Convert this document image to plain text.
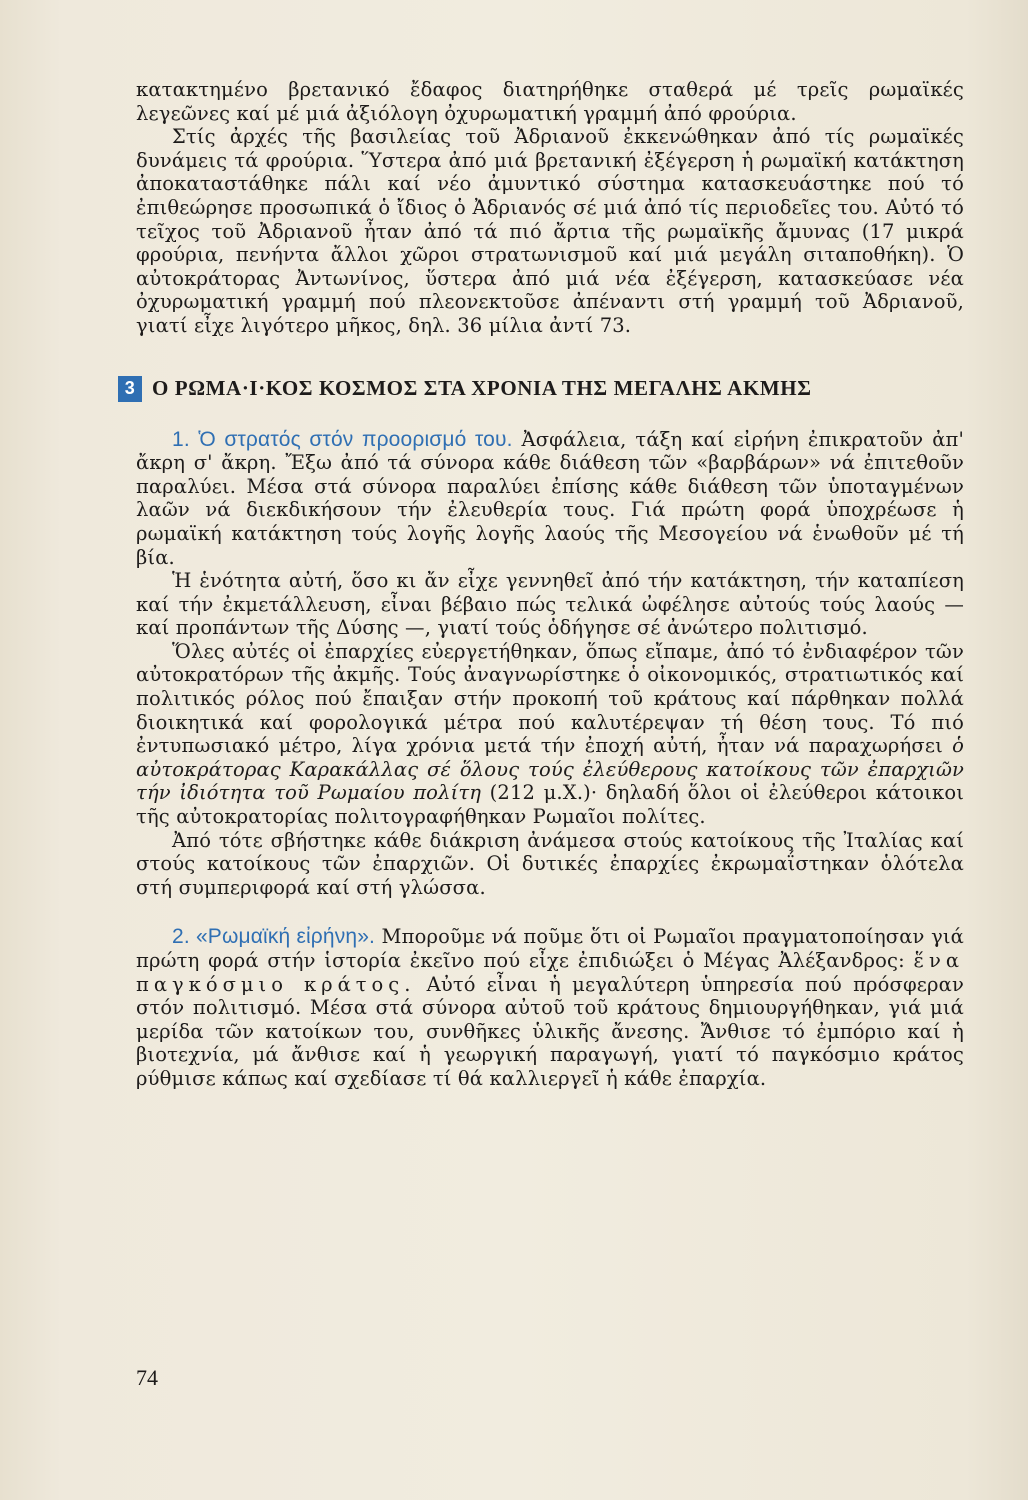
κατακτημένο βρετανικό ἔδαφος διατηρήθηκε σταθερά μέ τρεῖς ρωμαϊκές λεγεῶνες καί μέ μιά ἀξιόλογη ὀχυρωματική γραμμή ἀπό φρούρια.

Στίς ἀρχές τῆς βασιλείας τοῦ Ἀδριανοῦ ἐκκενώθηκαν ἀπό τίς ρωμαϊκές δυνάμεις τά φρούρια. Ὕστερα ἀπό μιά βρετανική ἐξέγερση ἡ ρωμαϊκή κατάκτηση ἀποκαταστάθηκε πάλι καί νέο ἀμυντικό σύστημα κατασκευάστηκε πού τό ἐπιθεώρησε προσωπικά ὁ ἴδιος ὁ Ἀδριανός σέ μιά ἀπό τίς περιοδεῖες του. Αὐτό τό τεῖχος τοῦ Ἀδριανοῦ ἦταν ἀπό τά πιό ἄρτια τῆς ρωμαϊκῆς ἄμυνας (17 μικρά φρούρια, πενήντα ἄλλοι χῶροι στρατωνισμοῦ καί μιά μεγάλη σιταποθήκη). Ὁ αὐτοκράτορας Ἀντωνίνος, ὕστερα ἀπό μιά νέα ἐξέγερση, κατασκεύασε νέα ὀχυρωματική γραμμή πού πλεονεκτοῦσε ἀπέναντι στή γραμμή τοῦ Ἀδριανοῦ, γιατί εἶχε λιγότερο μῆκος, δηλ. 36 μίλια ἀντί 73.

3 Ο ΡΩΜΑ·Ι·ΚΟΣ ΚΟΣΜΟΣ ΣΤΑ ΧΡΟΝΙΑ ΤΗΣ ΜΕΓΑΛΗΣ ΑΚΜΗΣ

1. Ὁ στρατός στόν προορισμό του. Ἀσφάλεια, τάξη καί εἰρήνη ἐπικρατοῦν ἀπ' ἄκρη σ' ἄκρη. Ἔξω ἀπό τά σύνορα κάθε διάθεση τῶν «βαρβάρων» νά ἐπιτεθοῦν παραλύει. Μέσα στά σύνορα παραλύει ἐπίσης κάθε διάθεση τῶν ὑποταγμένων λαῶν νά διεκδικήσουν τήν ἐλευθερία τους. Γιά πρώτη φορά ὑποχρέωσε ἡ ρωμαϊκή κατάκτηση τούς λογῆς λογῆς λαούς τῆς Μεσογείου νά ἑνωθοῦν μέ τή βία.

Ἡ ἑνότητα αὐτή, ὅσο κι ἄν εἶχε γεννηθεῖ ἀπό τήν κατάκτηση, τήν καταπίεση καί τήν ἐκμετάλλευση, εἶναι βέβαιο πώς τελικά ὠφέλησε αὐτούς τούς λαούς — καί προπάντων τῆς Δύσης —, γιατί τούς ὁδήγησε σέ ἀνώτερο πολιτισμό.

Ὅλες αὐτές οἱ ἐπαρχίες εὐεργετήθηκαν, ὅπως εἴπαμε, ἀπό τό ἐνδιαφέρον τῶν αὐτοκρατόρων τῆς ἀκμῆς. Τούς ἀναγνωρίστηκε ὁ οἰκονομικός, στρατιωτικός καί πολιτικός ρόλος πού ἔπαιξαν στήν προκοπή τοῦ κράτους καί πάρθηκαν πολλά διοικητικά καί φορολογικά μέτρα πού καλυτέρεψαν τή θέση τους. Τό πιό ἐντυπωσιακό μέτρο, λίγα χρόνια μετά τήν ἐποχή αὐτή, ἦταν νά παραχωρήσει ὁ αὐτοκράτορας Καρακάλλας σέ ὅλους τούς ἐλεύθερους κατοίκους τῶν ἐπαρχιῶν τήν ἰδιότητα τοῦ Ρωμαίου πολίτη (212 μ.Χ.)· δηλαδή ὅλοι οἱ ἐλεύθεροι κάτοικοι τῆς αὐτοκρατορίας πολιτογραφήθηκαν Ρωμαῖοι πολίτες.

Ἀπό τότε σβήστηκε κάθε διάκριση ἀνάμεσα στούς κατοίκους τῆς Ἰταλίας καί στούς κατοίκους τῶν ἐπαρχιῶν. Οἱ δυτικές ἐπαρχίες ἐκρωμαΐστηκαν ὁλότελα στή συμπεριφορά καί στή γλώσσα.

2. «Ρωμαϊκή εἰρήνη». Μποροῦμε νά ποῦμε ὅτι οἱ Ρωμαῖοι πραγματοποίησαν γιά πρώτη φορά στήν ἱστορία ἐκεῖνο πού εἶχε ἐπιδιώξει ὁ Μέγας Ἀλέξανδρος: ἕνα παγκόσμιο κράτος. Αὐτό εἶναι ἡ μεγαλύτερη ὑπηρεσία πού πρόσφεραν στόν πολιτισμό. Μέσα στά σύνορα αὐτοῦ τοῦ κράτους δημιουργήθηκαν, γιά μιά μερίδα τῶν κατοίκων του, συνθῆκες ὑλικῆς ἄνεσης. Ἄνθισε τό ἐμπόριο καί ἡ βιοτεχνία, μά ἄνθισε καί ἡ γεωργική παραγωγή, γιατί τό παγκόσμιο κράτος ρύθμισε κάπως καί σχεδίασε τί θά καλλιεργεῖ ἡ κάθε ἐπαρχία.

74
